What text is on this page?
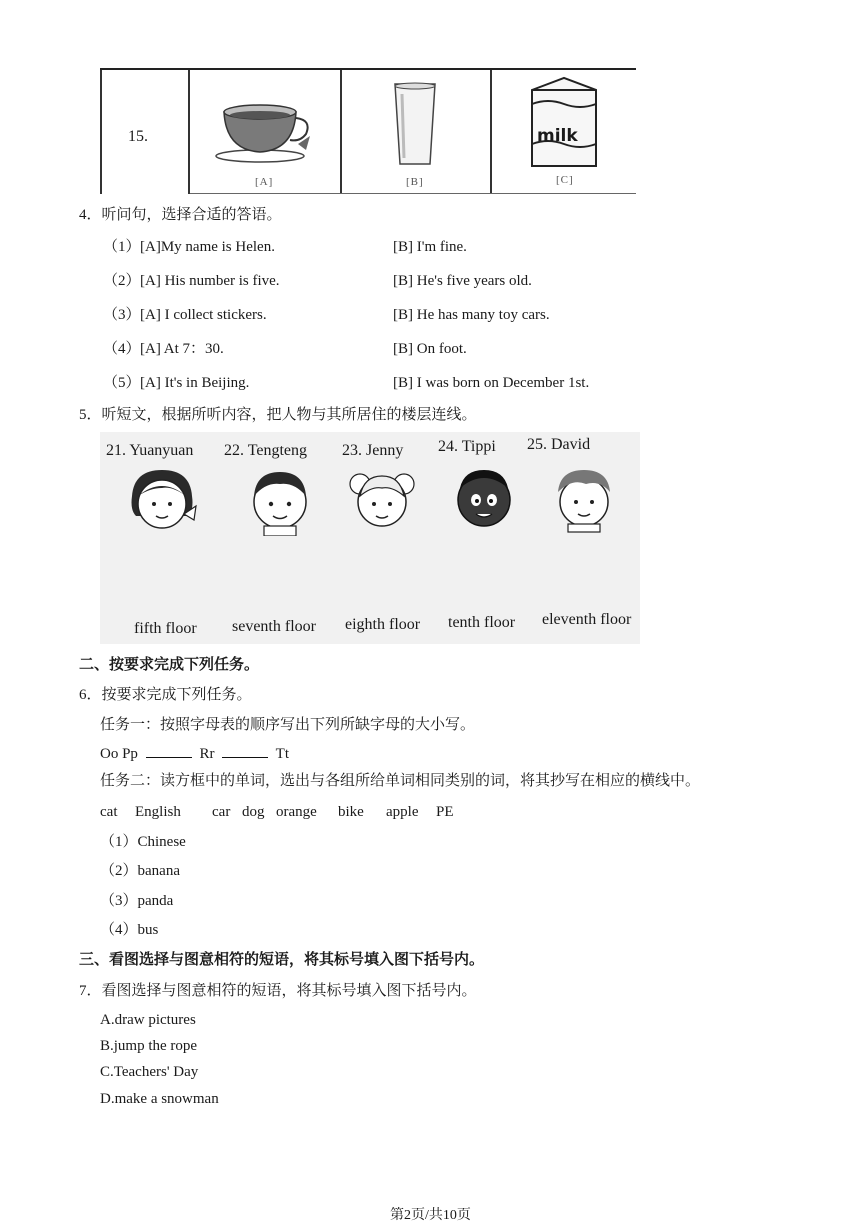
15.
[A]	[B]
milk
[C]
4．听问句，选择合适的答语。
（1） [A]My name is Helen.	[B] I'm fine.
（2） [A] His number is five.	[B] He's five years old.
（3） [A] I collect stickers.	[B] He has many toy cars.
（4） [A] At 7：30.	[B] On foot.
（5） [A] It's in Beijing.	[B] I was born on December 1st.
5．听短文，根据所听内容，把人物与其所居住的楼层连线。
21. Yuanyuan 22. Tengteng 23. Jenny 24. Tippi 25. David
fifth floor seventh floor eighth floor tenth floor eleventh floor
二、按要求完成下列任务。
6．按要求完成下列任务。
任务一：按照字母表的顺序写出下列所缺字母的大小写。
Oo Pp	Rr	Tt
任务二：读方框中的单词，选出与各组所给单词相同类别的词，将其抄写在相应的横线中。
cat English car dog orange bike apple PE
（1）Chinese
（2）banana
（3）panda
（4）bus
三、看图选择与图意相符的短语，将其标号填入图下括号内。
7．看图选择与图意相符的短语，将其标号填入图下括号内。
A.draw pictures
B.jump the rope
C.Teachers' Day
D.make a snowman
第2页/共10页
